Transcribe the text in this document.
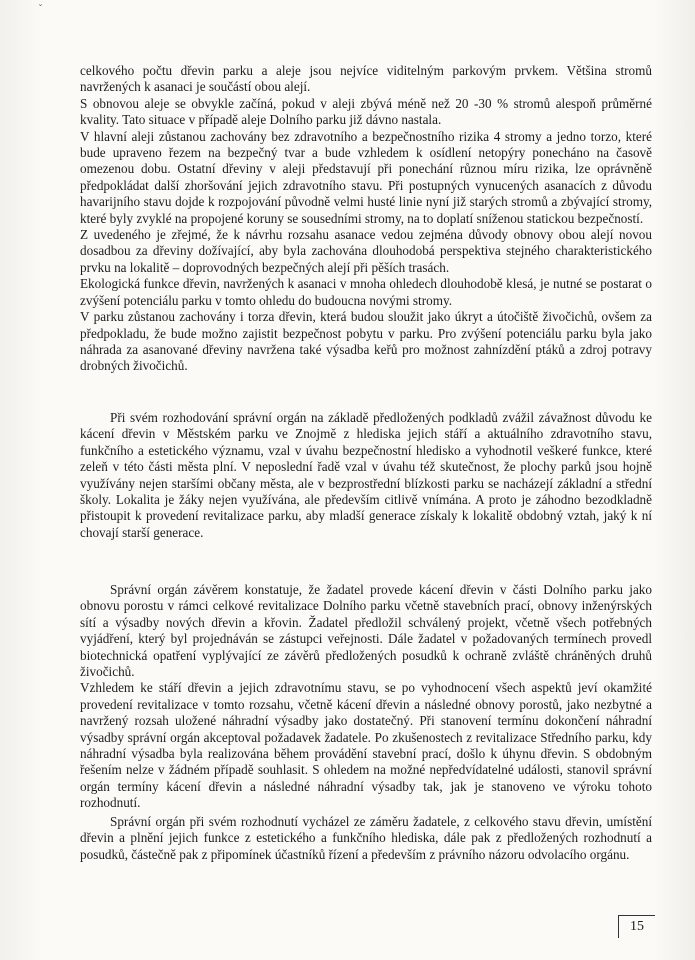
ˇ

celkového počtu dřevin parku a aleje jsou nejvíce viditelným parkovým prvkem. Většina stromů navržených k asanaci je součástí obou alejí.

S obnovou aleje se obvykle začíná, pokud v aleji zbývá méně než 20 -30 % stromů alespoň průměrné kvality. Tato situace v případě aleje Dolního parku již dávno nastala.

V hlavní aleji zůstanou zachovány bez zdravotního a bezpečnostního rizika 4 stromy a jedno torzo, které bude upraveno řezem na bezpečný tvar a bude vzhledem k osídlení netopýry ponecháno na časově omezenou dobu. Ostatní dřeviny v aleji představují při ponechání různou míru rizika, lze oprávněně předpokládat další zhoršování jejich zdravotního stavu. Při postupných vynucených asanacích z důvodu havarijního stavu dojde k rozpojování původně velmi husté linie nyní již starých stromů a zbývající stromy, které byly zvyklé na propojené koruny se sousedními stromy, na to doplatí sníženou statickou bezpečností.

Z uvedeného je zřejmé, že k návrhu rozsahu asanace vedou zejména důvody obnovy obou alejí novou dosadbou za dřeviny dožívající, aby byla zachována dlouhodobá perspektiva stejného charakteristického prvku na lokalitě – doprovodných bezpečných alejí při pěších trasách.

Ekologická funkce dřevin, navržených k asanaci v mnoha ohledech dlouhodobě klesá, je nutné se postarat o zvýšení potenciálu parku v tomto ohledu do budoucna novými stromy.

V parku zůstanou zachovány i torza dřevin, která budou sloužit jako úkryt a útočiště živočichů, ovšem za předpokladu, že bude možno zajistit bezpečnost pobytu v parku. Pro zvýšení potenciálu parku byla jako náhrada za asanované dřeviny navržena také výsadba keřů pro možnost zahnízdění ptáků a zdroj potravy drobných živočichů.

Při svém rozhodování správní orgán na základě předložených podkladů zvážil závažnost důvodu ke kácení dřevin v Městském parku ve Znojmě z hlediska jejich stáří a aktuálního zdravotního stavu, funkčního a estetického významu, vzal v úvahu bezpečnostní hledisko a vyhodnotil veškeré funkce, které zeleň v této části města plní. V neposlední řadě vzal v úvahu též skutečnost, že plochy parků jsou hojně využívány nejen staršími občany města, ale v bezprostřední blízkosti parku se nacházejí základní a střední školy. Lokalita je žáky nejen využívána, ale především citlivě vnímána. A proto je záhodno bezodkladně přistoupit k provedení revitalizace parku, aby mladší generace získaly k lokalitě obdobný vztah, jaký k ní chovají starší generace.

Správní orgán závěrem konstatuje, že žadatel provede kácení dřevin v části Dolního parku jako obnovu porostu v rámci celkové revitalizace Dolního parku včetně stavebních prací, obnovy inženýrských sítí a výsadby nových dřevin a křovin. Žadatel předložil schválený projekt, včetně všech potřebných vyjádření, který byl projednáván se zástupci veřejnosti. Dále žadatel v požadovaných termínech provedl biotechnická opatření vyplývající ze závěrů předložených posudků k ochraně zvláště chráněných druhů živočichů.

Vzhledem ke stáří dřevin a jejich zdravotnímu stavu, se po vyhodnocení všech aspektů jeví okamžité provedení revitalizace v tomto rozsahu, včetně kácení dřevin a následné obnovy porostů, jako nezbytné a navržený rozsah uložené náhradní výsadby jako dostatečný. Při stanovení termínu dokončení náhradní výsadby správní orgán akceptoval požadavek žadatele. Po zkušenostech z revitalizace Středního parku, kdy náhradní výsadba byla realizována během provádění stavební prací, došlo k úhynu dřevin. S obdobným řešením nelze v žádném případě souhlasit. S ohledem na možné nepředvídatelné události, stanovil správní orgán termíny kácení dřevin a následné náhradní výsadby tak, jak je stanoveno ve výroku tohoto rozhodnutí.

Správní orgán při svém rozhodnutí vycházel ze záměru žadatele, z celkového stavu dřevin, umístění dřevin a plnění jejich funkce z estetického a funkčního hlediska, dále pak z předložených rozhodnutí a posudků, částečně pak z připomínek účastníků řízení a především z právního názoru odvolacího orgánu.

15
